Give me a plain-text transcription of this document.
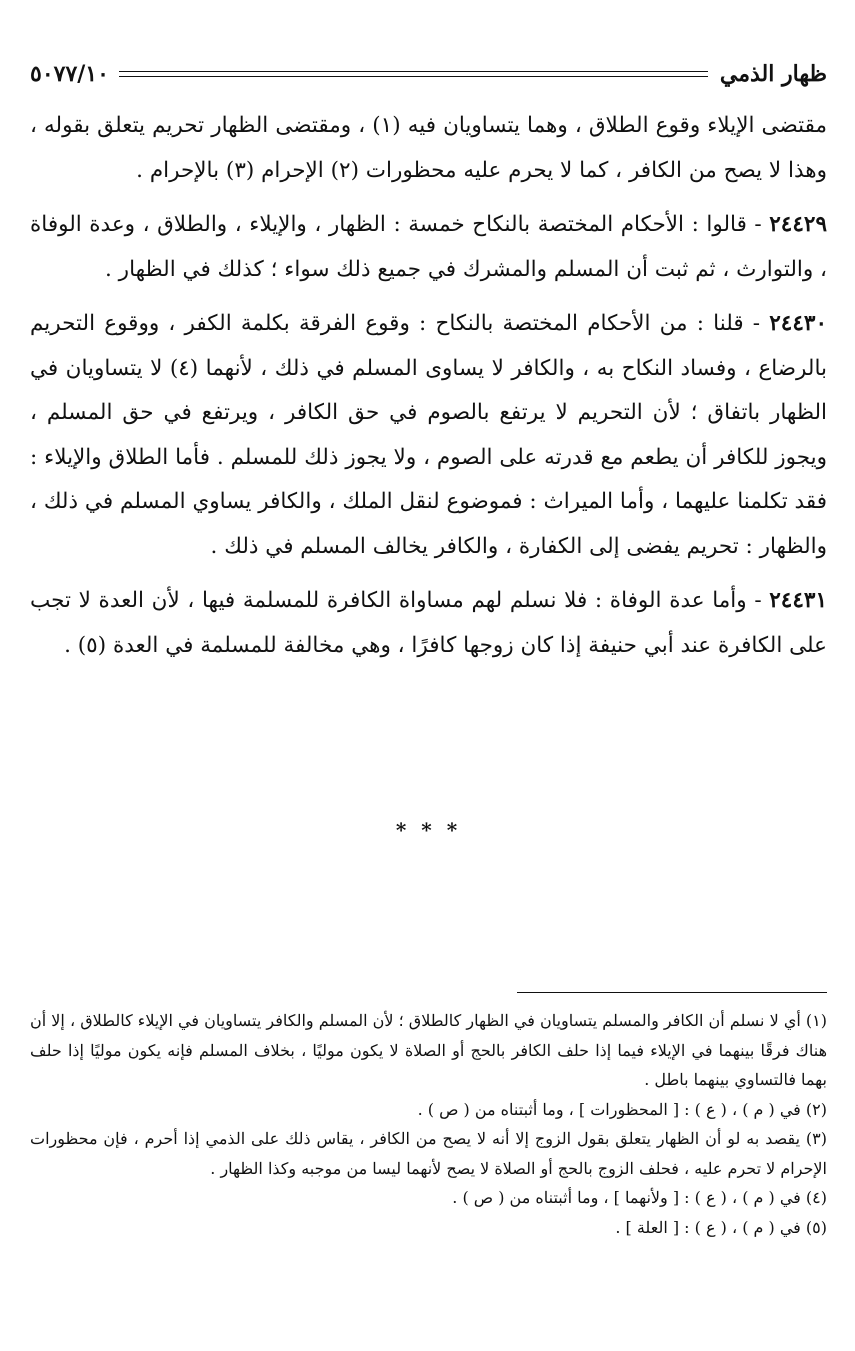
ظهار الذمي
٥٠٧٧/١٠

مقتضى الإيلاء وقوع الطلاق ، وهما يتساويان فيه (١) ، ومقتضى الظهار تحريم يتعلق بقوله ، وهذا لا يصح من الكافر ، كما لا يحرم عليه محظورات (٢) الإحرام (٣) بالإحرام .

٢٤٤٢٩ - قالوا : الأحكام المختصة بالنكاح خمسة : الظهار ، والإيلاء ، والطلاق ، وعدة الوفاة ، والتوارث ، ثم ثبت أن المسلم والمشرك في جميع ذلك سواء ؛ كذلك في الظهار .

٢٤٤٣٠ - قلنا : من الأحكام المختصة بالنكاح : وقوع الفرقة بكلمة الكفر ، ووقوع التحريم بالرضاع ، وفساد النكاح به ، والكافر لا يساوى المسلم في ذلك ، لأنهما (٤) لا يتساويان في الظهار باتفاق ؛ لأن التحريم لا يرتفع بالصوم في حق الكافر ، ويرتفع في حق المسلم ، ويجوز للكافر أن يطعم مع قدرته على الصوم ، ولا يجوز ذلك للمسلم . فأما الطلاق والإيلاء : فقد تكلمنا عليهما ، وأما الميراث : فموضوع لنقل الملك ، والكافر يساوي المسلم في ذلك ، والظهار : تحريم يفضى إلى الكفارة ، والكافر يخالف المسلم في ذلك .

٢٤٤٣١ - وأما عدة الوفاة : فلا نسلم لهم مساواة الكافرة للمسلمة فيها ، لأن العدة لا تجب على الكافرة عند أبي حنيفة إذا كان زوجها كافرًا ، وهي مخالفة للمسلمة في العدة (٥) .

* * *

(١) أي لا نسلم أن الكافر والمسلم يتساويان في الظهار كالطلاق ؛ لأن المسلم والكافر يتساويان في الإيلاء كالطلاق ، إلا أن هناك فرقًا بينهما في الإيلاء فيما إذا حلف الكافر بالحج أو الصلاة لا يكون موليًا ، بخلاف المسلم فإنه يكون موليًا إذا حلف بهما فالتساوي بينهما باطل .

(٢) في ( م ) ، ( ع ) : [ المحظورات ] ، وما أثبتناه من ( ص ) .

(٣) يقصد به لو أن الظهار يتعلق بقول الزوج إلا أنه لا يصح من الكافر ، يقاس ذلك على الذمي إذا أحرم ، فإن محظورات الإحرام لا تحرم عليه ، فحلف الزوج بالحج أو الصلاة لا يصح لأنهما ليسا من موجبه وكذا الظهار .

(٤) في ( م ) ، ( ع ) : [ ولأنهما ] ، وما أثبتناه من ( ص ) .

(٥) في ( م ) ، ( ع ) : [ العلة ] .
